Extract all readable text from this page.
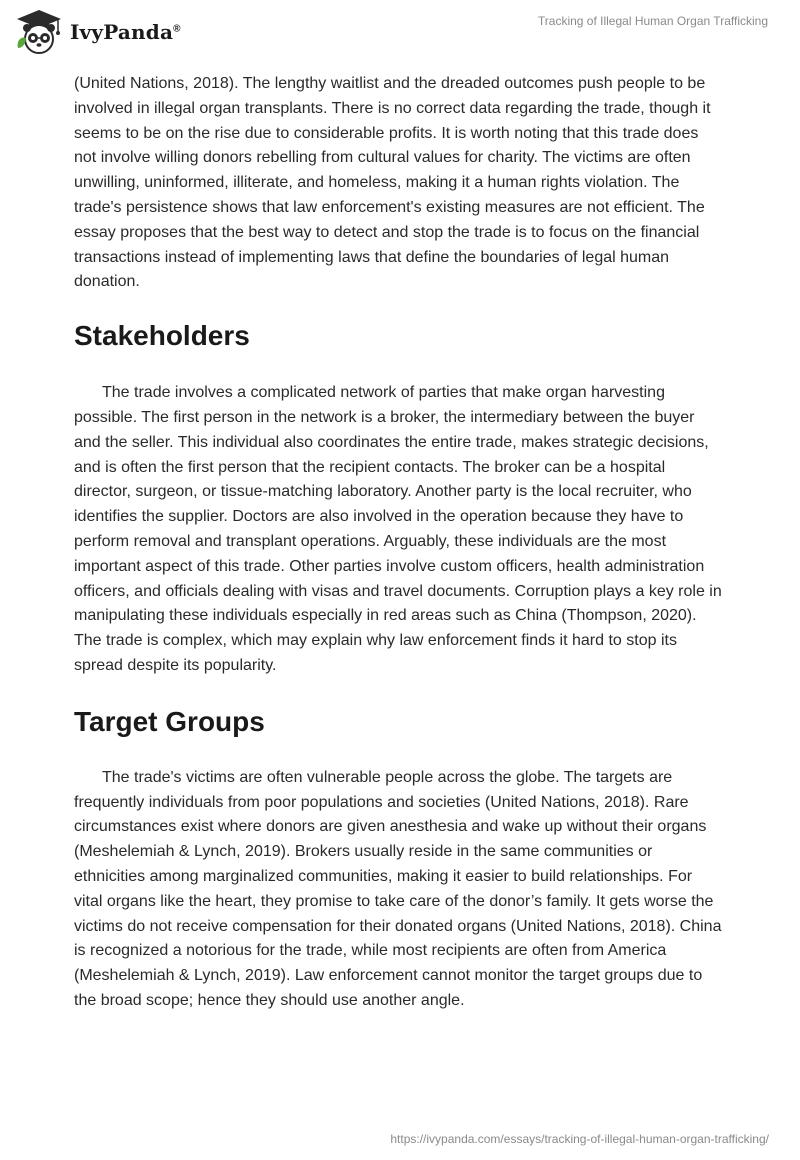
IvyPanda®
Tracking of Illegal Human Organ Trafficking

(United Nations, 2018). The lengthy waitlist and the dreaded outcomes push people to be involved in illegal organ transplants. There is no correct data regarding the trade, though it seems to be on the rise due to considerable profits. It is worth noting that this trade does not involve willing donors rebelling from cultural values for charity. The victims are often unwilling, uninformed, illiterate, and homeless, making it a human rights violation. The trade's persistence shows that law enforcement's existing measures are not efficient. The essay proposes that the best way to detect and stop the trade is to focus on the financial transactions instead of implementing laws that define the boundaries of legal human donation.

Stakeholders

The trade involves a complicated network of parties that make organ harvesting possible. The first person in the network is a broker, the intermediary between the buyer and the seller. This individual also coordinates the entire trade, makes strategic decisions, and is often the first person that the recipient contacts. The broker can be a hospital director, surgeon, or tissue-matching laboratory. Another party is the local recruiter, who identifies the supplier. Doctors are also involved in the operation because they have to perform removal and transplant operations. Arguably, these individuals are the most important aspect of this trade. Other parties involve custom officers, health administration officers, and officials dealing with visas and travel documents. Corruption plays a key role in manipulating these individuals especially in red areas such as China (Thompson, 2020). The trade is complex, which may explain why law enforcement finds it hard to stop its spread despite its popularity.

Target Groups

The trade's victims are often vulnerable people across the globe. The targets are frequently individuals from poor populations and societies (United Nations, 2018). Rare circumstances exist where donors are given anesthesia and wake up without their organs (Meshelemiah & Lynch, 2019). Brokers usually reside in the same communities or ethnicities among marginalized communities, making it easier to build relationships. For vital organs like the heart, they promise to take care of the donor’s family. It gets worse the victims do not receive compensation for their donated organs (United Nations, 2018). China is recognized a notorious for the trade, while most recipients are often from America (Meshelemiah & Lynch, 2019). Law enforcement cannot monitor the target groups due to the broad scope; hence they should use another angle.

https://ivypanda.com/essays/tracking-of-illegal-human-organ-trafficking/
